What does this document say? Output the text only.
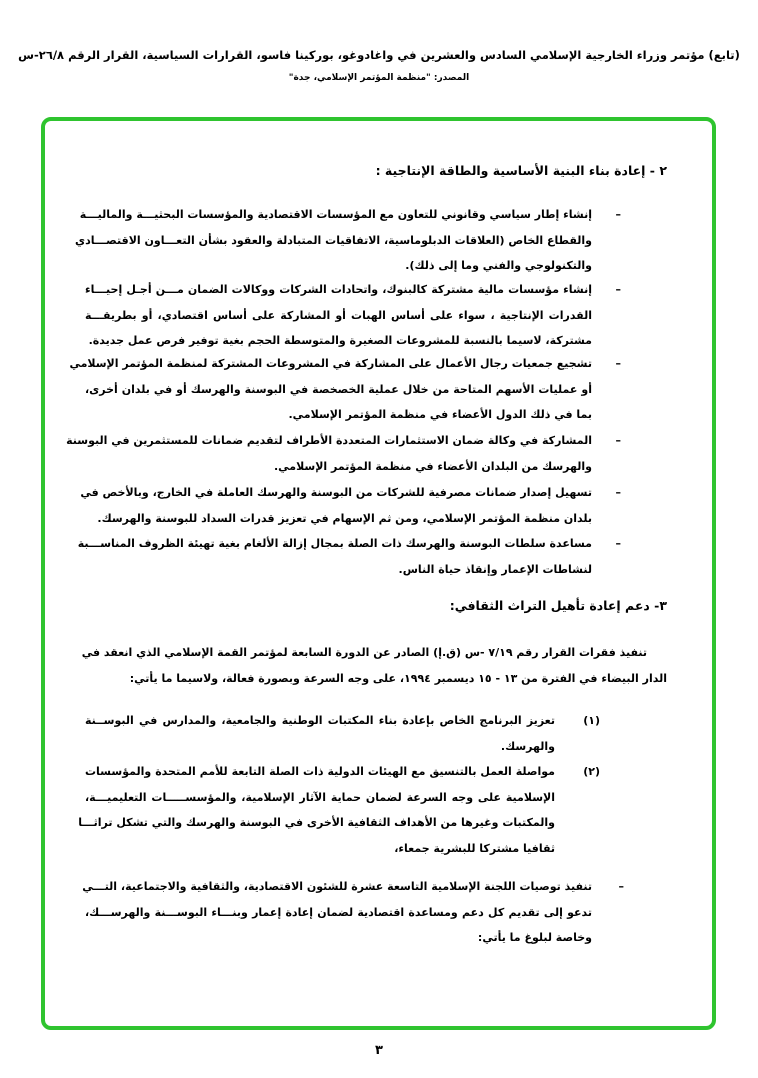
(تابع) مؤتمر وزراء الخارجية الإسلامي السادس والعشرين في واغادوغو، بوركينا فاسو، القرارات السياسية، القرار الرقم ٢٦/٨-س
المصدر: "منظمة المؤتمر الإسلامي، جدة"
٢ - إعادة بناء البنية الأساسية والطاقة الإنتاجية :
–
إنشاء إطار سياسي وقانوني للتعاون مع المؤسسات الاقتصادية والمؤسسات البحثيـــة والماليـــة
والقطاع الخاص (العلاقات الدبلوماسية، الاتفاقيات المتبادلة والعقود بشأن التعـــاون الاقتصـــادي
والتكنولوجي والفني وما إلى ذلك).
–
إنشاء مؤسسات مالية مشتركة كالبنوك، واتحادات الشركات ووكالات الضمان مـــن أجـل إحيـــاء
القدرات الإنتاجية ، سواء على أساس الهبات أو المشاركة على أساس اقتصادي، أو بطريقـــة
مشتركة، لاسيما بالنسبة للمشروعات الصغيرة والمتوسطة الحجم بغية توفير فرص عمل جديدة.
–
تشجيع جمعيات رجال الأعمال على المشاركة في المشروعات المشتركة لمنظمة المؤتمر الإسلامي
أو عمليات الأسهم المتاحة من خلال عملية الخصخصة في البوسنة والهرسك أو في بلدان أخرى،
بما في ذلك الدول الأعضاء في منظمة المؤتمر الإسلامي.
–
المشاركة في وكالة ضمان الاستثمارات المتعددة الأطراف لتقديم ضمانات للمستثمرين في البوسنة
والهرسك من البلدان الأعضاء في منظمة المؤتمر الإسلامي.
–
تسهيل إصدار ضمانات مصرفية للشركات من البوسنة والهرسك العاملة في الخارج، وبالأخص في
بلدان منظمة المؤتمر الإسلامي، ومن ثم الإسهام في تعزيز قدرات السداد للبوسنة والهرسك.
–
مساعدة سلطات البوسنة والهرسك ذات الصلة بمجال إزالة الألغام بغية تهيئة الظروف المناســـبة
لنشاطات الإعمار وإنقاذ حياة الناس.
٣- دعم إعادة تأهيل التراث الثقافي:
تنفيذ فقرات القرار رقم ٧/١٩ -س (ق.إ) الصادر عن الدورة السابعة لمؤتمر القمة الإسلامي الذي انعقد في
الدار البيضاء في الفترة من ١٣ - ١٥ ديسمبر ١٩٩٤، على وجه السرعة وبصورة فعالة، ولاسيما ما يأتي:
(١)
تعزيز البرنامج الخاص بإعادة بناء المكتبات الوطنية والجامعية، والمدارس في البوســنة
والهرسك.
(٢)
مواصلة العمل بالتنسيق مع الهيئات الدولية ذات الصلة التابعة للأمم المتحدة والمؤسسات
الإسلامية على وجه السرعة لضمان حماية الآثار الإسلامية، والمؤسســـــات التعليميـــة،
والمكتبات وغيرها من الأهداف الثقافية الأخرى في البوسنة والهرسك والتي تشكل تراثـــا
ثقافيا مشتركا للبشرية جمعاء،
–
تنفيذ توصيات اللجنة الإسلامية التاسعة عشرة للشئون الاقتصادية، والثقافية والاجتماعية، التـــي
تدعو إلى تقديم كل دعم ومساعدة اقتصادية لضمان إعادة إعمار وبنـــاء البوســـنة والهرســـك،
وخاصة لبلوغ ما يأتي:
٣
